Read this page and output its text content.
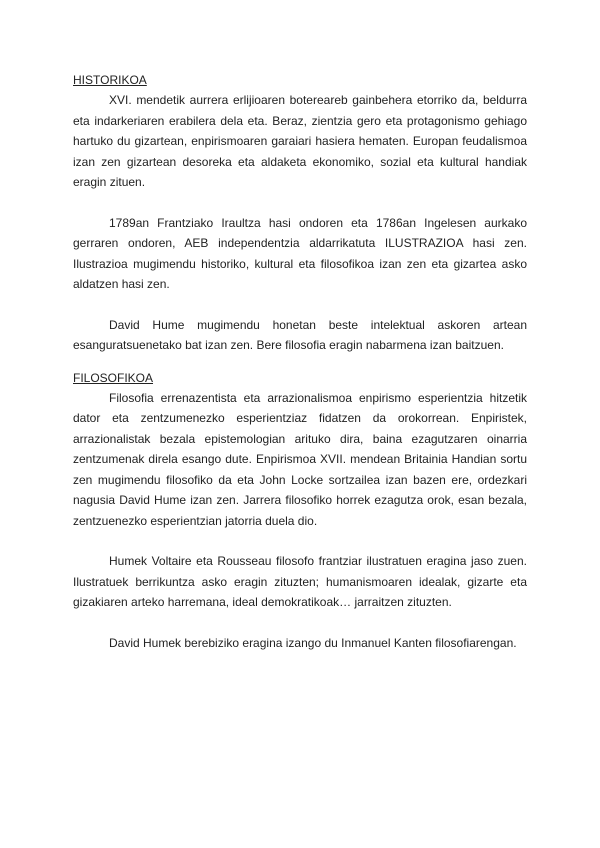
HISTORIKOA

XVI. mendetik aurrera erlijioaren botereareb gainbehera etorriko da, beldurra eta indarkeriaren erabilera dela eta. Beraz, zientzia gero eta protagonismo gehiago hartuko du gizartean, enpirismoaren garaiari hasiera hematen. Europan feudalismoa izan zen gizartean desoreka eta aldaketa ekonomiko, sozial eta kultural handiak eragin zituen.

1789an Frantziako Iraultza hasi ondoren eta 1786an Ingelesen aurkako gerraren ondoren, AEB independentzia aldarrikatuta ILUSTRAZIOA hasi zen. Ilustrazioa mugimendu historiko, kultural eta filosofikoa izan zen eta gizartea asko aldatzen hasi zen.

David Hume mugimendu honetan beste intelektual askoren artean esanguratsuenetako bat izan zen. Bere filosofia eragin nabarmena izan baitzuen.

FILOSOFIKOA

Filosofia errenazentista eta arrazionalismoa enpirismo esperientzia hitzetik dator eta zentzumenezko esperientziaz fidatzen da orokorrean. Enpiristek, arrazionalistak bezala epistemologian arituko dira, baina ezagutzaren oinarria zentzumenak direla esango dute. Enpirismoa XVII. mendean Britainia Handian sortu zen mugimendu filosofiko da eta John Locke sortzailea izan bazen ere, ordezkari nagusia David Hume izan zen. Jarrera filosofiko horrek ezagutza orok, esan bezala, zentzuenezko esperientzian jatorria duela dio.

Humek Voltaire eta Rousseau filosofo frantziar ilustratuen eragina jaso zuen. Ilustratuek berrikuntza asko eragin zituzten; humanismoaren idealak, gizarte eta gizakiaren arteko harremana, ideal demokratikoak… jarraitzen zituzten.

David Humek berebiziko eragina izango du Inmanuel Kanten filosofiarengan.
